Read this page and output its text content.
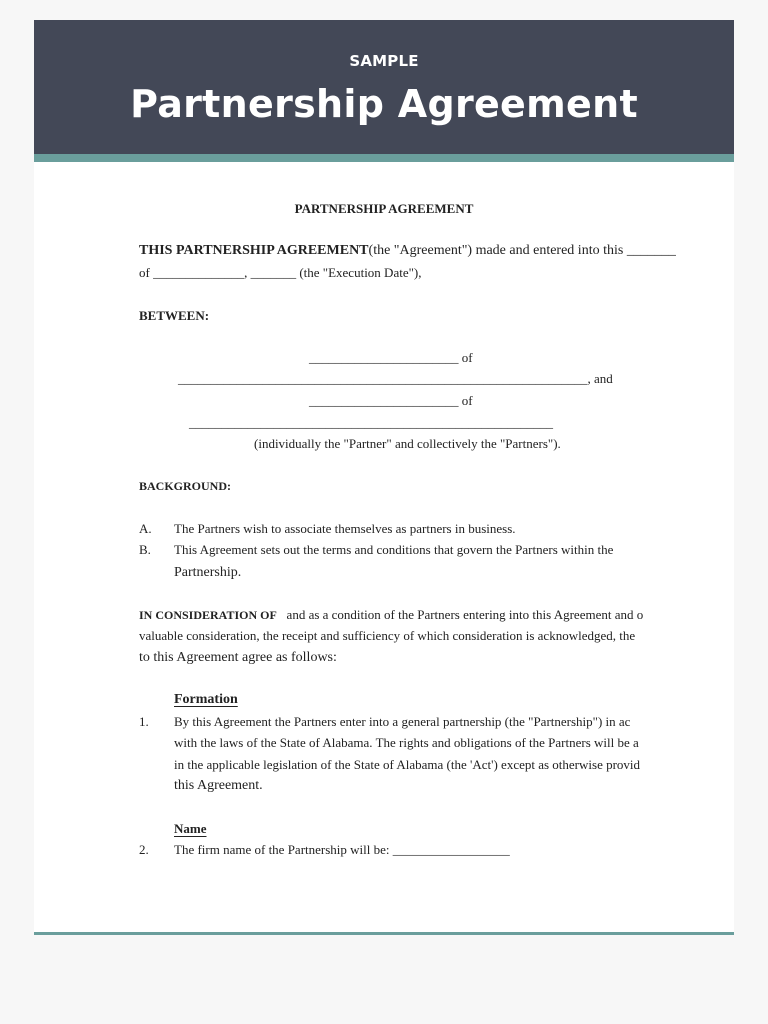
SAMPLE
Partnership Agreement
PARTNERSHIP AGREEMENT
THIS PARTNERSHIP AGREEMENT(the "Agreement") made and entered into this _______
of ______________, _______ (the "Execution Date"),
BETWEEN:
_______________________ of
_______________________________________________________________, and
_______________________ of
________________________________________________________
(individually the "Partner" and collectively the "Partners").
BACKGROUND:
A. The Partners wish to associate themselves as partners in business.
B. This Agreement sets out the terms and conditions that govern the Partners within the
Partnership.
IN CONSIDERATION OF and as a condition of the Partners entering into this Agreement and o
valuable consideration, the receipt and sufficiency of which consideration is acknowledged, the
to this Agreement agree as follows:
Formation
1. By this Agreement the Partners enter into a general partnership (the "Partnership") in ac
with the laws of the State of Alabama. The rights and obligations of the Partners will be a
in the applicable legislation of the State of Alabama (the 'Act') except as otherwise provid
this Agreement.
Name
2. The firm name of the Partnership will be: __________________
